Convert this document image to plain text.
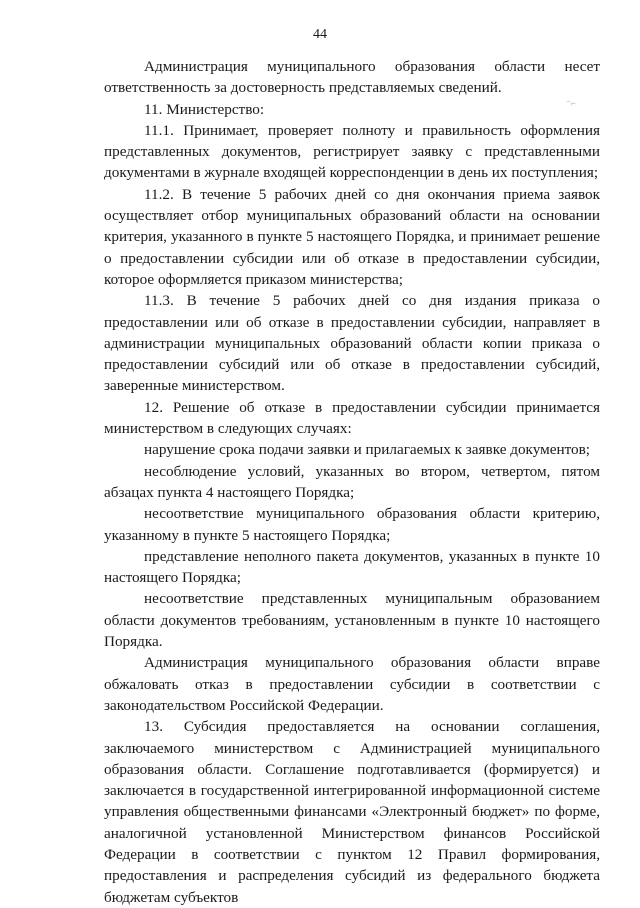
44
⁻⌐

Администрация муниципального образования области несет ответственность за достоверность представляемых сведений.

11. Министерство:

11.1. Принимает, проверяет полноту и правильность оформления представленных документов, регистрирует заявку с представленными документами в журнале входящей корреспонденции в день их поступления;

11.2. В течение 5 рабочих дней со дня окончания приема заявок осуществляет отбор муниципальных образований области на основании критерия, указанного в пункте 5 настоящего Порядка, и принимает решение о предоставлении субсидии или об отказе в предоставлении субсидии, которое оформляется приказом министерства;

11.3. В течение 5 рабочих дней со дня издания приказа о предоставлении или об отказе в предоставлении субсидии, направляет в администрации муниципальных образований области копии приказа о предоставлении субсидий или об отказе в предоставлении субсидий, заверенные министерством.

12. Решение об отказе в предоставлении субсидии принимается министерством в следующих случаях:

нарушение срока подачи заявки и прилагаемых к заявке документов;

несоблюдение условий, указанных во втором, четвертом, пятом абзацах пункта 4 настоящего Порядка;

несоответствие муниципального образования области критерию, указанному в пункте 5 настоящего Порядка;

представление неполного пакета документов, указанных в пункте 10 настоящего Порядка;

несоответствие представленных муниципальным образованием области документов требованиям, установленным в пункте 10 настоящего Порядка.

Администрация муниципального образования области вправе обжаловать отказ в предоставлении субсидии в соответствии с законодательством Российской Федерации.

13. Субсидия предоставляется на основании соглашения, заключаемого министерством с Администрацией муниципального образования области. Соглашение подготавливается (формируется) и заключается в государственной интегрированной информационной системе управления общественными финансами «Электронный бюджет» по форме, аналогичной установленной Министерством финансов Российской Федерации в соответствии с пунктом 12 Правил формирования, предоставления и распределения субсидий из федерального бюджета бюджетам субъектов
